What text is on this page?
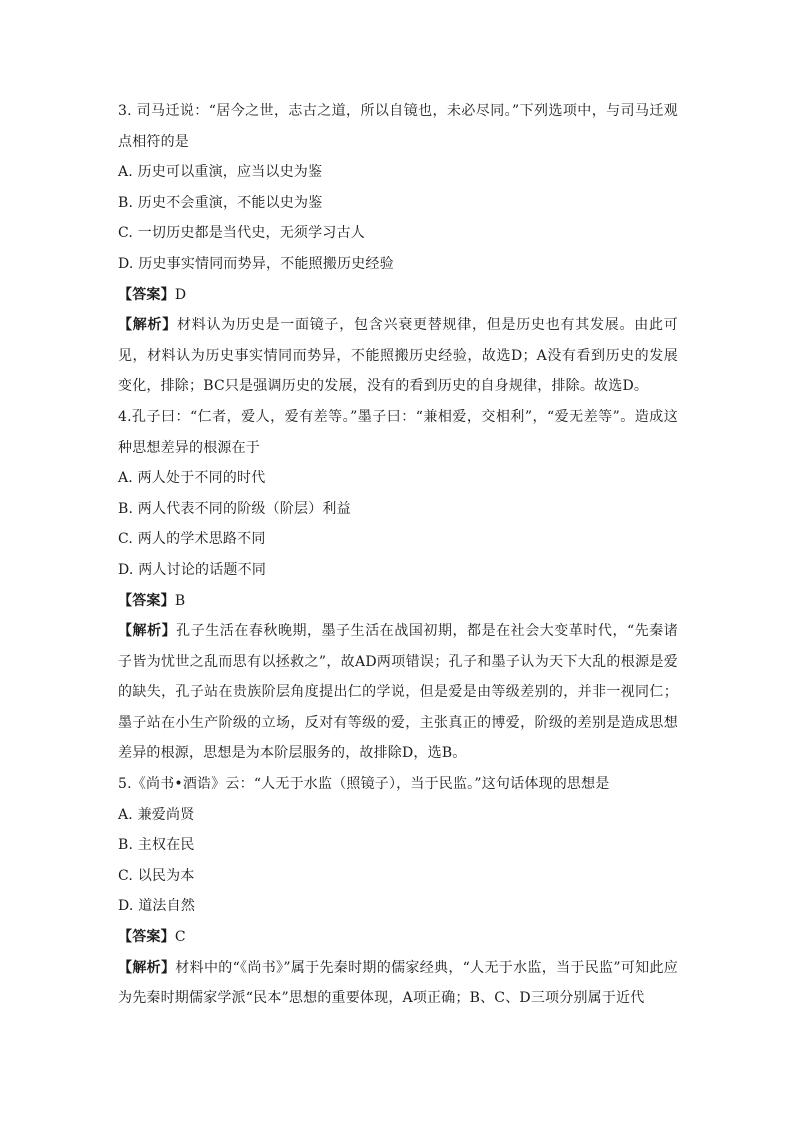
3. 司马迁说：“居今之世，志古之道，所以自镜也，未必尽同。”下列选项中，与司马迁观点相符的是

A. 历史可以重演，应当以史为鉴

B. 历史不会重演，不能以史为鉴

C. 一切历史都是当代史，无须学习古人

D. 历史事实情同而势异，不能照搬历史经验

【答案】D

【解析】材料认为历史是一面镜子，包含兴衰更替规律，但是历史也有其发展。由此可见，材料认为历史事实情同而势异，不能照搬历史经验，故选D；A没有看到历史的发展变化，排除；BC只是强调历史的发展，没有的看到历史的自身规律，排除。故选D。

4.孔子曰：“仁者，爱人，爱有差等。”墨子曰：“兼相爱，交相利”，“爱无差等”。造成这种思想差异的根源在于

A. 两人处于不同的时代

B. 两人代表不同的阶级（阶层）利益

C. 两人的学术思路不同

D. 两人讨论的话题不同

【答案】B

【解析】孔子生活在春秋晚期，墨子生活在战国初期，都是在社会大变革时代，“先秦诸子皆为忧世之乱而思有以拯救之”，故AD两项错误；孔子和墨子认为天下大乱的根源是爱的缺失，孔子站在贵族阶层角度提出仁的学说，但是爱是由等级差别的，并非一视同仁；墨子站在小生产阶级的立场，反对有等级的爱，主张真正的博爱，阶级的差别是造成思想差异的根源，思想是为本阶层服务的，故排除D，选B。

5.《尚书•酒诰》云：“人无于水监（照镜子），当于民监。”这句话体现的思想是

A. 兼爱尚贤

B. 主权在民

C. 以民为本

D. 道法自然

【答案】C

【解析】材料中的“《尚书》”属于先秦时期的儒家经典，“人无于水监，当于民监”可知此应为先秦时期儒家学派“民本”思想的重要体现，A项正确；B、C、D三项分别属于近代
